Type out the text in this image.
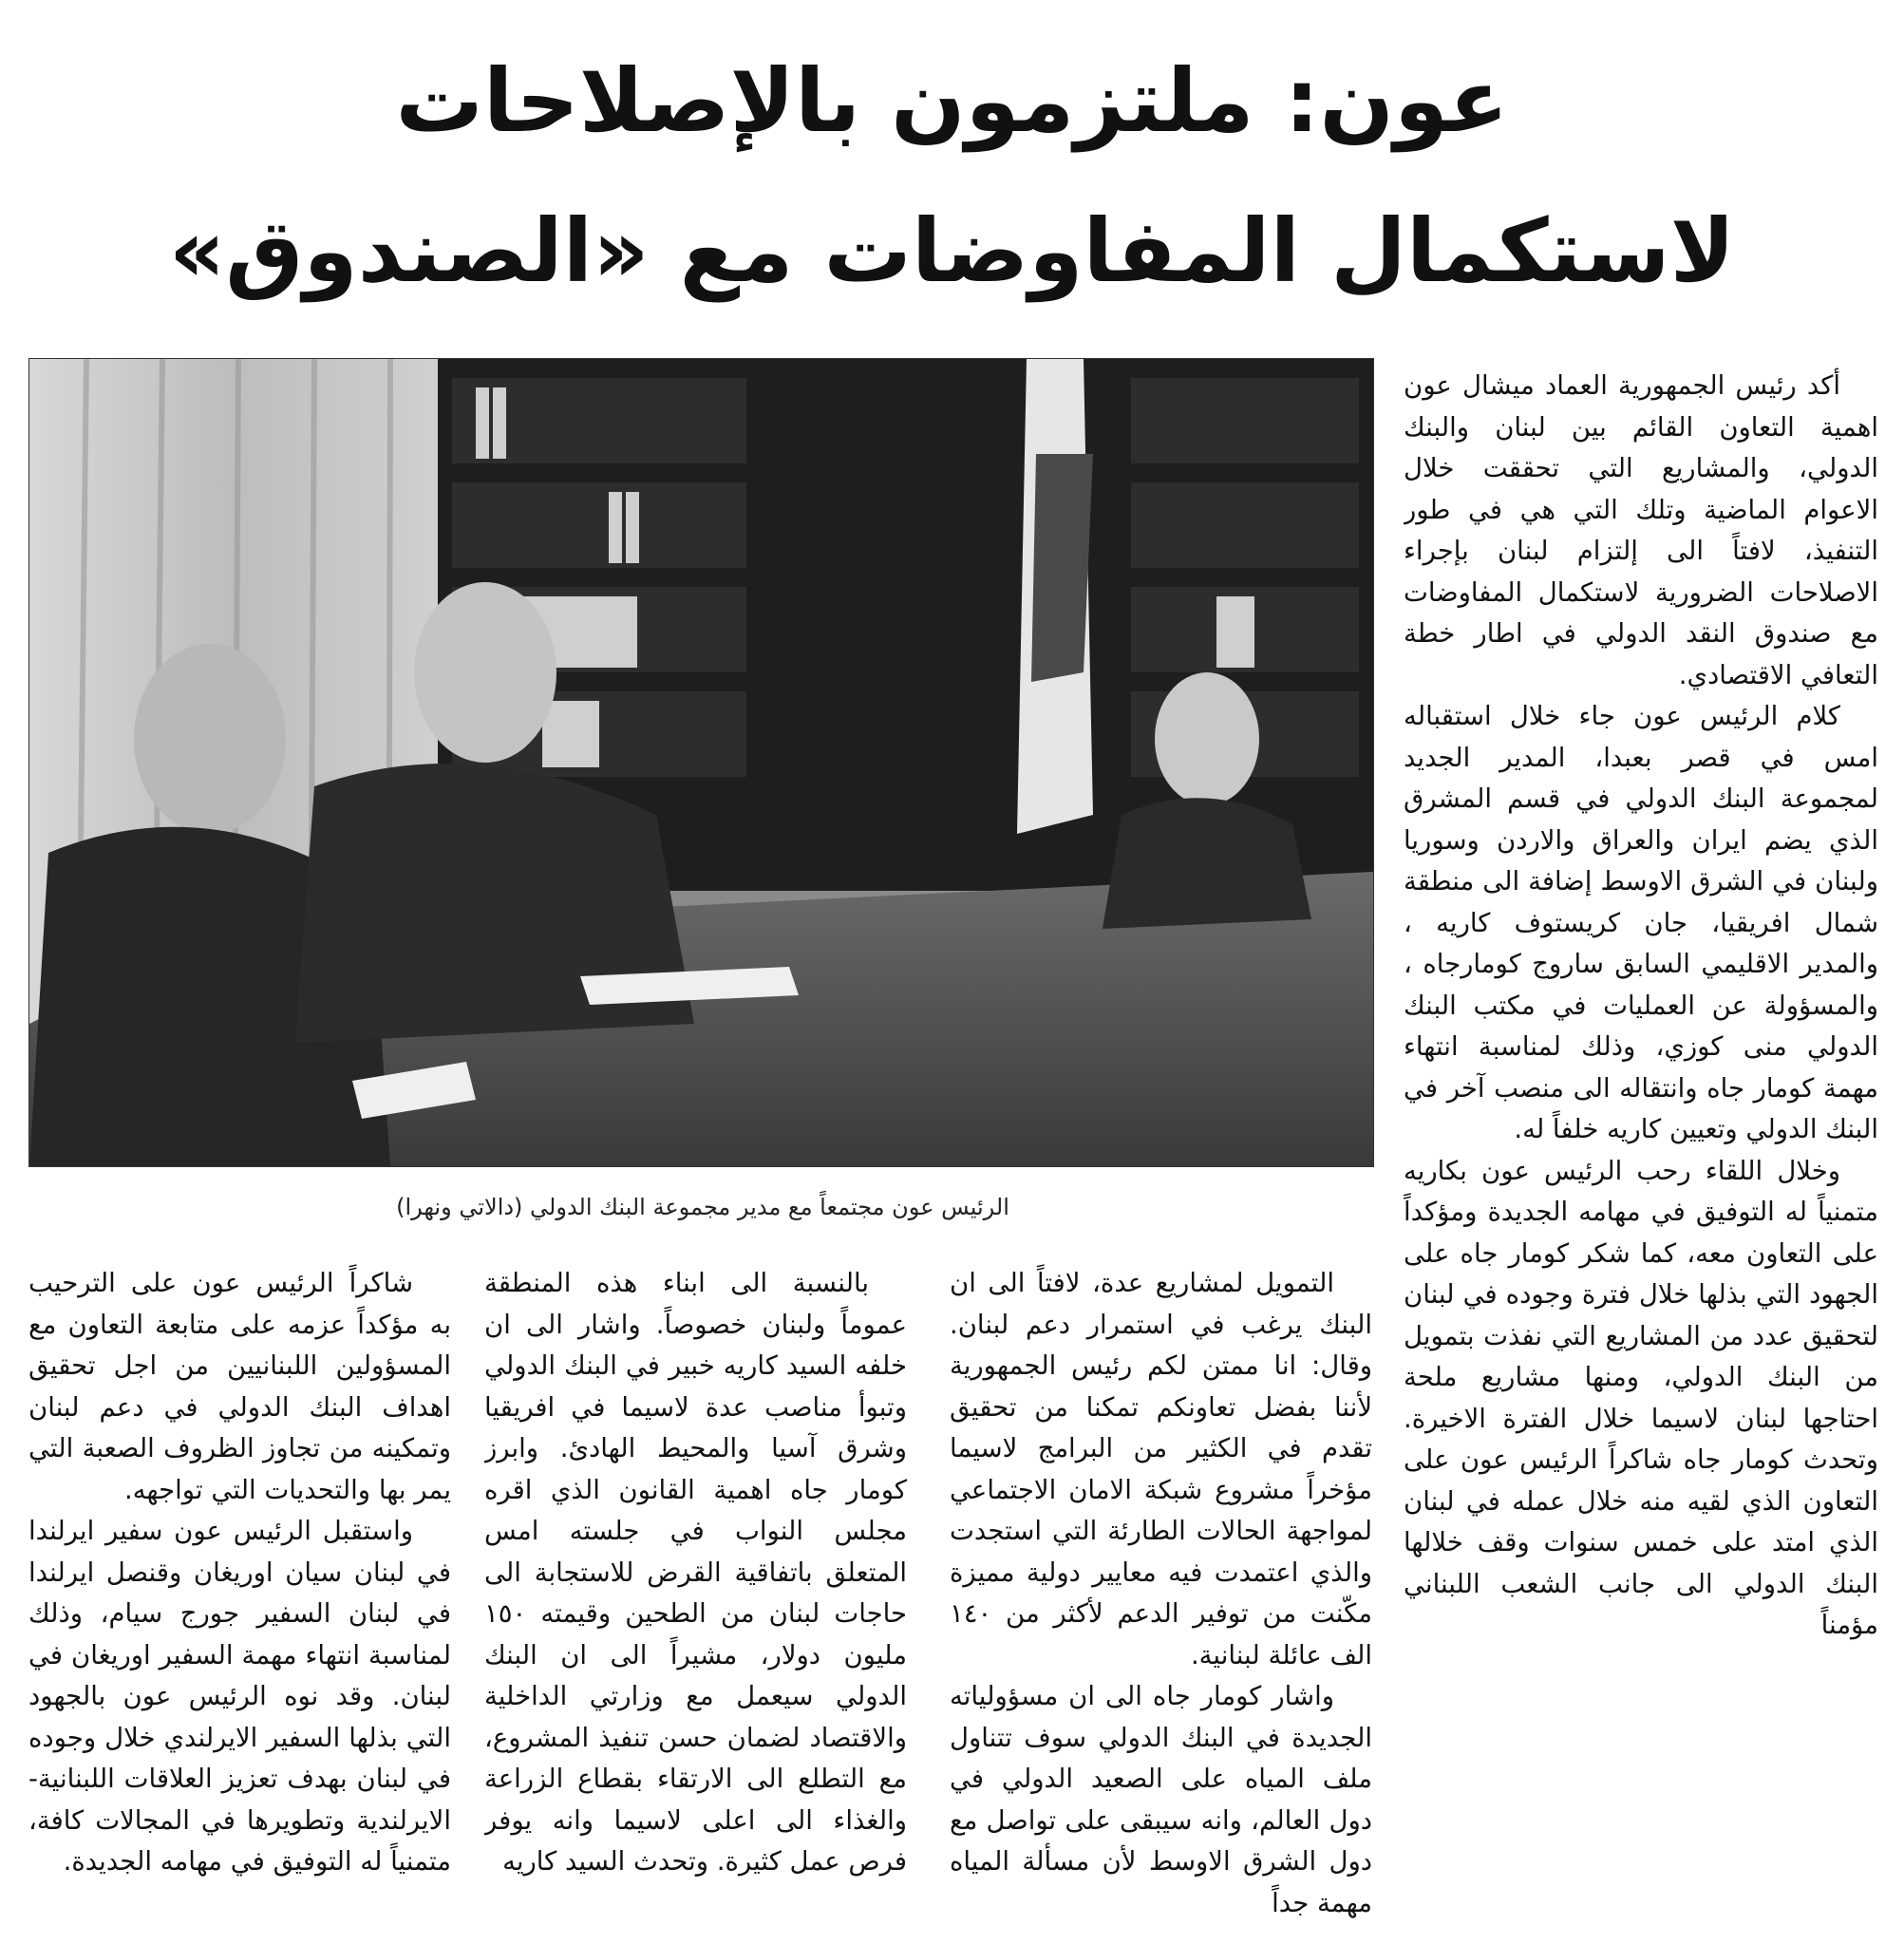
عون: ملتزمون بالإصلاحات
لاستكمال المفاوضات مع «الصندوق»
الرئيس عون مجتمعاً مع مدير مجموعة البنك الدولي (دالاتي ونهرا)

أكد رئيس الجمهورية العماد ميشال عون اهمية التعاون القائم بين لبنان والبنك الدولي، والمشاريع التي تحققت خلال الاعوام الماضية وتلك التي هي في طور التنفيذ، لافتاً الى إلتزام لبنان بإجراء الاصلاحات الضرورية لاستكمال المفاوضات مع صندوق النقد الدولي في اطار خطة التعافي الاقتصادي.

كلام الرئيس عون جاء خلال استقباله امس في قصر بعبدا، المدير الجديد لمجموعة البنك الدولي في قسم المشرق الذي يضم ايران والعراق والاردن وسوريا ولبنان في الشرق الاوسط إضافة الى منطقة شمال افريقيا، جان كريستوف كاريه ، والمدير الاقليمي السابق ساروج كومارجاه ، والمسؤولة عن العمليات في مكتب البنك الدولي منى كوزي، وذلك لمناسبة انتهاء مهمة كومار جاه وانتقاله الى منصب آخر في البنك الدولي وتعيين كاريه خلفاً له.

وخلال اللقاء رحب الرئيس عون بكاريه متمنياً له التوفيق في مهامه الجديدة ومؤكداً على التعاون معه، كما شكر كومار جاه على الجهود التي بذلها خلال فترة وجوده في لبنان لتحقيق عدد من المشاريع التي نفذت بتمويل من البنك الدولي، ومنها مشاريع ملحة احتاجها لبنان لاسيما خلال الفترة الاخيرة. وتحدث كومار جاه شاكراً الرئيس عون على التعاون الذي لقيه منه خلال عمله في لبنان الذي امتد على خمس سنوات وقف خلالها البنك الدولي الى جانب الشعب اللبناني مؤمناً

التمويل لمشاريع عدة، لافتاً الى ان البنك يرغب في استمرار دعم لبنان. وقال: انا ممتن لكم رئيس الجمهورية لأننا بفضل تعاونكم تمكنا من تحقيق تقدم في الكثير من البرامج لاسيما مؤخراً مشروع شبكة الامان الاجتماعي لمواجهة الحالات الطارئة التي استجدت والذي اعتمدت فيه معايير دولية مميزة مكّنت من توفير الدعم لأكثر من ١٤٠ الف عائلة لبنانية.

واشار كومار جاه الى ان مسؤولياته الجديدة في البنك الدولي سوف تتناول ملف المياه على الصعيد الدولي في دول العالم، وانه سيبقى على تواصل مع دول الشرق الاوسط لأن مسألة المياه مهمة جداً

بالنسبة الى ابناء هذه المنطقة عموماً ولبنان خصوصاً. واشار الى ان خلفه السيد كاريه خبير في البنك الدولي وتبوأ مناصب عدة لاسيما في افريقيا وشرق آسيا والمحيط الهادئ. وابرز كومار جاه اهمية القانون الذي اقره مجلس النواب في جلسته امس المتعلق باتفاقية القرض للاستجابة الى حاجات لبنان من الطحين وقيمته ١٥٠ مليون دولار، مشيراً الى ان البنك الدولي سيعمل مع وزارتي الداخلية والاقتصاد لضمان حسن تنفيذ المشروع، مع التطلع الى الارتقاء بقطاع الزراعة والغذاء الى اعلى لاسيما وانه يوفر فرص عمل كثيرة. وتحدث السيد كاريه

شاكراً الرئيس عون على الترحيب به مؤكداً عزمه على متابعة التعاون مع المسؤولين اللبنانيين من اجل تحقيق اهداف البنك الدولي في دعم لبنان وتمكينه من تجاوز الظروف الصعبة التي يمر بها والتحديات التي تواجهه.

واستقبل الرئيس عون سفير ايرلندا في لبنان سيان اوريغان وقنصل ايرلندا في لبنان السفير جورج سيام، وذلك لمناسبة انتهاء مهمة السفير اوريغان في لبنان. وقد نوه الرئيس عون بالجهود التي بذلها السفير الايرلندي خلال وجوده في لبنان بهدف تعزيز العلاقات اللبنانية-الايرلندية وتطويرها في المجالات كافة، متمنياً له التوفيق في مهامه الجديدة.
